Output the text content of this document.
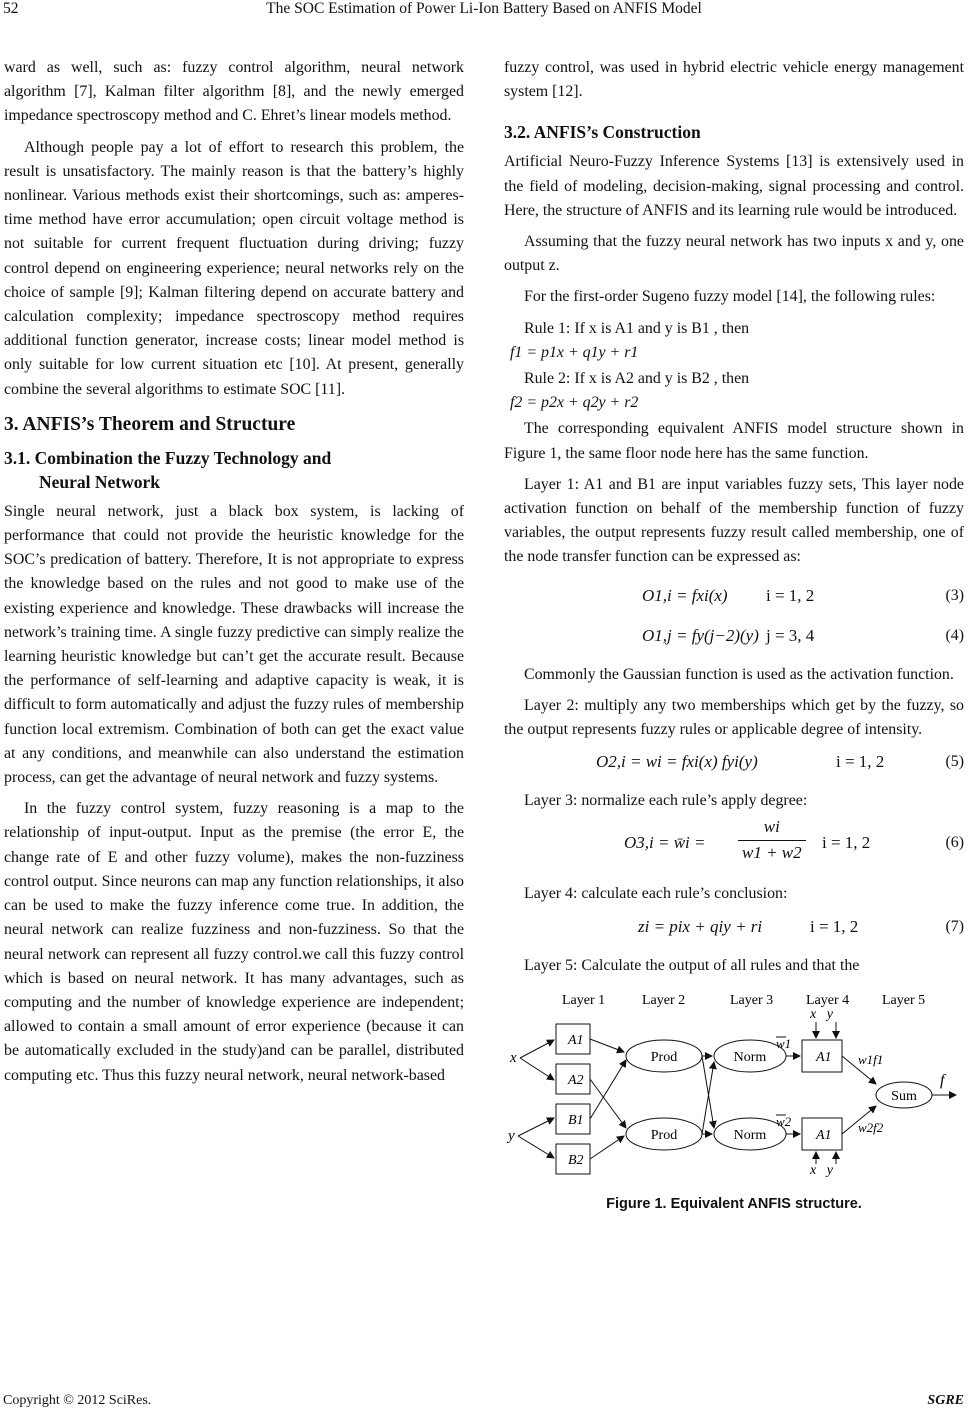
52	The SOC Estimation of Power Li-Ion Battery Based on ANFIS Model

ward as well, such as: fuzzy control algorithm, neural network algorithm [7], Kalman filter algorithm [8], and the newly emerged impedance spectroscopy method and C. Ehret’s linear models method.

Although people pay a lot of effort to research this problem, the result is unsatisfactory. The mainly reason is that the battery’s highly nonlinear. Various methods exist their shortcomings, such as: amperes-time method have error accumulation; open circuit voltage method is not suitable for current frequent fluctuation during driving; fuzzy control depend on engineering experience; neural networks rely on the choice of sample [9]; Kalman filtering depend on accurate battery and calculation complexity; impedance spectroscopy method requires additional function generator, increase costs; linear model method is only suitable for low current situation etc [10]. At present, generally combine the several algorithms to estimate SOC [11].

3. ANFIS’s Theorem and Structure
3.1. Combination the Fuzzy Technology and
Neural Network

Single neural network, just a black box system, is lacking of performance that could not provide the heuristic knowledge for the SOC’s predication of battery. Therefore, It is not appropriate to express the knowledge based on the rules and not good to make use of the existing experience and knowledge. These drawbacks will increase the network’s training time. A single fuzzy predictive can simply realize the learning heuristic knowledge but can’t get the accurate result. Because the performance of self-learning and adaptive capacity is weak, it is difficult to form automatically and adjust the fuzzy rules of membership function local extremism. Combination of both can get the exact value at any conditions, and meanwhile can also understand the estimation process, can get the advantage of neural network and fuzzy systems.

In the fuzzy control system, fuzzy reasoning is a map to the relationship of input-output. Input as the premise (the error E, the change rate of E and other fuzzy volume), makes the non-fuzziness control output. Since neurons can map any function relationships, it also can be used to make the fuzzy inference come true. In addition, the neural network can realize fuzziness and non-fuzziness. So that the neural network can represent all fuzzy control.we call this fuzzy control which is based on neural network. It has many advantages, such as computing and the number of knowledge experience are independent; allowed to contain a small amount of error experience (because it can be automatically excluded in the study)and can be parallel, distributed computing etc. Thus this fuzzy neural network, neural network-based

fuzzy control, was used in hybrid electric vehicle energy management system [12].

3.2. ANFIS’s Construction

Artificial Neuro-Fuzzy Inference Systems [13] is extensively used in the field of modeling, decision-making, signal processing and control. Here, the structure of ANFIS and its learning rule would be introduced.

Assuming that the fuzzy neural network has two inputs x and y, one output z.

For the first-order Sugeno fuzzy model [14], the following rules:

Rule 1: If x is A1 and y is B1 , then

f1 = p1x + q1y + r1

Rule 2: If x is A2 and y is B2 , then

f2 = p2x + q2y + r2

The corresponding equivalent ANFIS model structure shown in Figure 1, the same floor node here has the same function.

Layer 1: A1 and B1 are input variables fuzzy sets, This layer node activation function on behalf of the membership function of fuzzy variables, the output represents fuzzy result called membership, one of the node transfer function can be expressed as:

O1,i = fxi(x) i = 1, 2	(3)
O1,j = fy(j−2)(y) j = 3, 4	(4)

Commonly the Gaussian function is used as the activation function.

Layer 2: multiply any two memberships which get by the fuzzy, so the output represents fuzzy rules or applicable degree of intensity.

O2,i = wi = fxi(x) fyi(y)	i = 1, 2	(5)

Layer 3: normalize each rule’s apply degree:

O3,i = w̄i = $\frac{wi}{w1 + w2}$ i = 1, 2	(6)

Layer 4: calculate each rule’s conclusion:

zi = pix + qiy + ri	i = 1, 2	(7)

Layer 5: Calculate the output of all rules and that the

Layer 1	Layer 2	Layer 3 Layer 4 Layer 5
x
y
A1
A2
B1
B2
Prod
Prod
Norm
Norm
w1
w2
A1
A1
x   y
x   y
w1f1
w2f2
Sum
f
Figure 1. Equivalent ANFIS structure.
Copyright © 2012 SciRes.	SGRE
